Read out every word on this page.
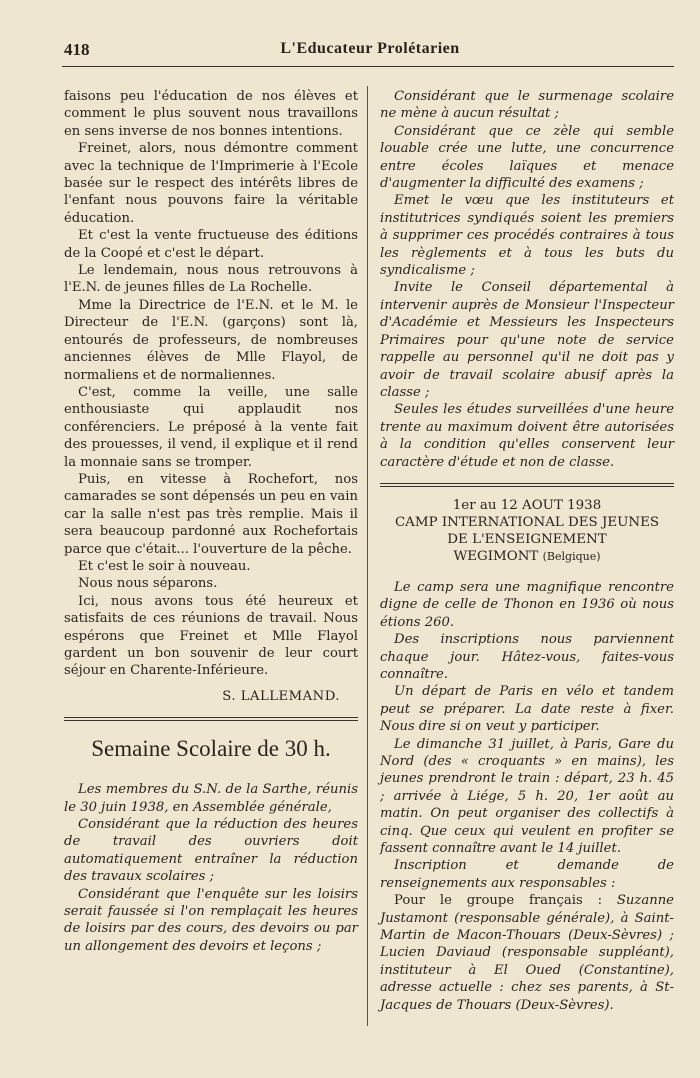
418	L'Educateur Prolétarien

faisons peu l'éducation de nos élèves et comment le plus souvent nous travaillons en sens inverse de nos bonnes intentions.

Freinet, alors, nous démontre comment avec la technique de l'Imprimerie à l'Ecole basée sur le respect des intérêts libres de l'enfant nous pouvons faire la véritable éducation.

Et c'est la vente fructueuse des éditions de la Coopé et c'est le départ.

Le lendemain, nous nous retrouvons à l'E.N. de jeunes filles de La Rochelle.

Mme la Directrice de l'E.N. et le M. le Directeur de l'E.N. (garçons) sont là, entourés de professeurs, de nombreuses anciennes élèves de Mlle Flayol, de normaliens et de normaliennes.

C'est, comme la veille, une salle enthousiaste qui applaudit nos conférenciers. Le préposé à la vente fait des prouesses, il vend, il explique et il rend la monnaie sans se tromper.

Puis, en vitesse à Rochefort, nos camarades se sont dépensés un peu en vain car la salle n'est pas très remplie. Mais il sera beaucoup pardonné aux Rochefortais parce que c'était... l'ouverture de la pêche.

Et c'est le soir à nouveau.

Nous nous séparons.

Ici, nous avons tous été heureux et satisfaits de ces réunions de travail. Nous espérons que Freinet et Mlle Flayol gardent un bon souvenir de leur court séjour en Charente-Inférieure.

S. LALLEMAND.

Semaine Scolaire de 30 h.

Les membres du S.N. de la Sarthe, réunis le 30 juin 1938, en Assemblée générale,

Considérant que la réduction des heures de travail des ouvriers doit automatiquement entraîner la réduction des travaux scolaires ;

Considérant que l'enquête sur les loisirs serait faussée si l'on remplaçait les heures de loisirs par des cours, des devoirs ou par un allongement des devoirs et leçons ;

Considérant que le surmenage scolaire ne mène à aucun résultat ;

Considérant que ce zèle qui semble louable crée une lutte, une concurrence entre écoles laïques et menace d'augmenter la difficulté des examens ;

Emet le vœu que les instituteurs et institutrices syndiqués soient les premiers à supprimer ces procédés contraires à tous les règlements et à tous les buts du syndicalisme ;

Invite le Conseil départemental à intervenir auprès de Monsieur l'Inspecteur d'Académie et Messieurs les Inspecteurs Primaires pour qu'une note de service rappelle au personnel qu'il ne doit pas y avoir de travail scolaire abusif après la classe ;

Seules les études surveillées d'une heure trente au maximum doivent être autorisées à la condition qu'elles conservent leur caractère d'étude et non de classe.

1er au 12 AOUT 1938
CAMP INTERNATIONAL DES JEUNES
DE L'ENSEIGNEMENT
WEGIMONT (Belgique)

Le camp sera une magnifique rencontre digne de celle de Thonon en 1936 où nous étions 260.

Des inscriptions nous parviennent chaque jour. Hâtez-vous, faites-vous connaître.

Un départ de Paris en vélo et tandem peut se préparer. La date reste à fixer. Nous dire si on veut y participer.

Le dimanche 31 juillet, à Paris, Gare du Nord (des « croquants » en mains), les jeunes prendront le train : départ, 23 h. 45 ; arrivée à Liége, 5 h. 20, 1er août au matin. On peut organiser des collectifs à cinq. Que ceux qui veulent en profiter se fassent connaître avant le 14 juillet.

Inscription et demande de renseignements aux responsables :

Pour le groupe français : Suzanne Justamont (responsable générale), à Saint-Martin de Macon-Thouars (Deux-Sèvres) ; Lucien Daviaud (responsable suppléant), instituteur à El Oued (Constantine), adresse actuelle : chez ses parents, à St-Jacques de Thouars (Deux-Sèvres).
